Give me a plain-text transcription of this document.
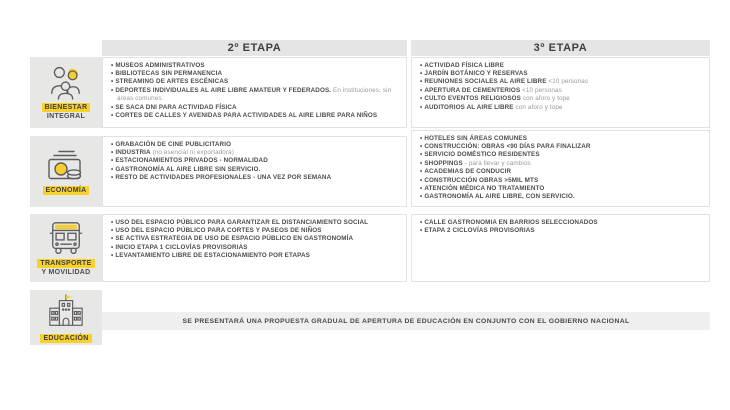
2º ETAPA	3º ETAPA
BIENESTAR
INTEGRAL
• MUSEOS ADMINISTRATIVOS
• BIBLIOTECAS SIN PERMANENCIA
• STREAMING DE ARTES ESCÉNICAS
• DEPORTES INDIVIDUALES AL AIRE LIBRE AMATEUR Y FEDERADOS. En instituciones, sin áreas comunes.
• SE SACA DNI PARA ACTIVIDAD FÍSICA
• CORTES DE CALLES Y AVENIDAS PARA ACTIVIDADES AL AIRE LIBRE PARA NIÑOS
• ACTIVIDAD FÍSICA LIBRE
• JARDÍN BOTÁNICO Y RESERVAS
• REUNIONES SOCIALES AL AIRE LIBRE <10 personas
• APERTURA DE CEMENTERIOS <10 personas
• CULTO EVENTOS RELIGIOSOS con aforo y tope
• AUDITORIOS AL AIRE LIBRE con aforo y tope
ECONOMÍA
• GRABACIÓN DE CINE PUBLICITARIO
• INDUSTRIA (no esencial ni exportadora)
• ESTACIONAMIENTOS PRIVADOS - NORMALIDAD
• GASTRONOMÍA AL AIRE LIBRE SIN SERVICIO.
• RESTO DE ACTIVIDADES PROFESIONALES - UNA VEZ POR SEMANA
• HOTELES SIN ÁREAS COMUNES
• CONSTRUCCIÓN: OBRAS <90 DÍAS PARA FINALIZAR
• SERVICIO DOMÉSTICO RESIDENTES
• SHOPPINGS - para llevar y cambios
• ACADEMIAS DE CONDUCIR
• CONSTRUCCIÓN OBRAS >5MIL MTS
• ATENCIÓN MÉDICA NO TRATAMIENTO
• GASTRONOMÍA AL AIRE LIBRE, CON SERVICIO.
TRANSPORTE
Y MOVILIDAD
• USO DEL ESPACIO PÚBLICO PARA GARANTIZAR EL DISTANCIAMIENTO SOCIAL
• USO DEL ESPACIO PÚBLICO PARA CORTES Y PASEOS DE NIÑOS
• SE ACTIVA ESTRATEGIA DE USO DE ESPACIO PÚBLICO EN GASTRONOMÍA
• INICIO ETAPA 1 CICLOVÍAS PROVISORIAS
• LEVANTAMIENTO LIBRE DE ESTACIONAMIENTO POR ETAPAS
• CALLE GASTRONOMIA EN BARRIOS SELECCIONADOS
• ETAPA 2 CICLOVÍAS PROVISORIAS
EDUCACIÓN
SE PRESENTARÁ UNA PROPUESTA GRADUAL DE APERTURA DE EDUCACIÓN EN CONJUNTO CON EL GOBIERNO NACIONAL
